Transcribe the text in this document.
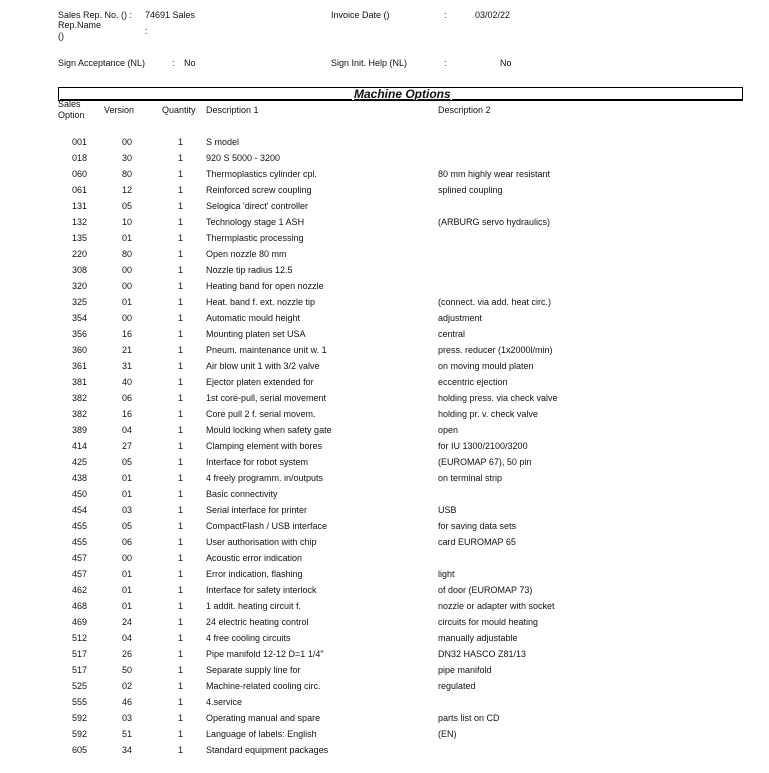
Sales Rep. No. () : 74691 Sales
Rep.Name
:
()
Invoice Date ()	:	03/02/22
Sign Acceptance (NL)	: No	Sign Init. Help (NL)	:	No
Machine Options
Sales
Option Version	Quantity Description 1	Description 2
001	00	1	S model
018	30	1	920 S 5000 - 3200
060	80	1	Thermoplastics cylinder cpl.	80 mm highly wear resistant
061	12	1	Reinforced screw coupling	splined coupling
131	05	1	Selogica 'direct' controller
132	10	1	Technology stage 1 ASH	(ARBURG servo hydraulics)
135	01	1	Thermplastic processing
220	80	1	Open nozzle 80 mm
308	00	1	Nozzle tip radius 12.5
320	00	1	Heating band for open nozzle
325	01	1	Heat. band f. ext. nozzle tip	(connect. via add. heat circ.)
354	00	1	Automatic mould height	adjustment
356	16	1	Mounting platen set USA	central
360	21	1	Pneum. maintenance unit w. 1	press. reducer (1x2000l/min)
361	31	1	Air blow unit 1 with 3/2 valve	on moving mould platen
381	40	1	Ejector platen extended for	eccentric ejection
382	06	1	1st core-pull, serial movement	holding press. via check valve
382	16	1	Core pull 2 f. serial movem.	holding pr. v. check valve
389	04	1	Mould locking when safety gate	open
414	27	1	Clamping element with bores	for IU 1300/2100/3200
425	05	1	Interface for robot system	(EUROMAP 67), 50 pin
438	01	1	4 freely programm. in/outputs	on terminal strip
450	01	1	Basic connectivity
454	03	1	Serial interface for printer	USB
455	05	1	CompactFlash / USB interface	for saving data sets
455	06	1	User authorisation with chip	card EUROMAP 65
457	00	1	Acoustic error indication
457	01	1	Error indication, flashing	light
462	01	1	Interface for safety interlock	of door (EUROMAP 73)
468	01	1	1 addit. heating circuit f.	nozzle or adapter with socket
469	24	1	24 electric heating control	circuits for mould heating
512	04	1	4 free cooling circuits	manually adjustable
517	26	1	Pipe manifold 12-12 D=1 1/4"	DN32 HASCO Z81/13
517	50	1	Separate supply line for	pipe manifold
525	02	1	Machine-related cooling circ.	regulated
555	46	1	4.service
592	03	1	Operating manual and spare	parts list on CD
592	51	1	Language of labels: English	(EN)
605	34	1	Standard equipment packages
